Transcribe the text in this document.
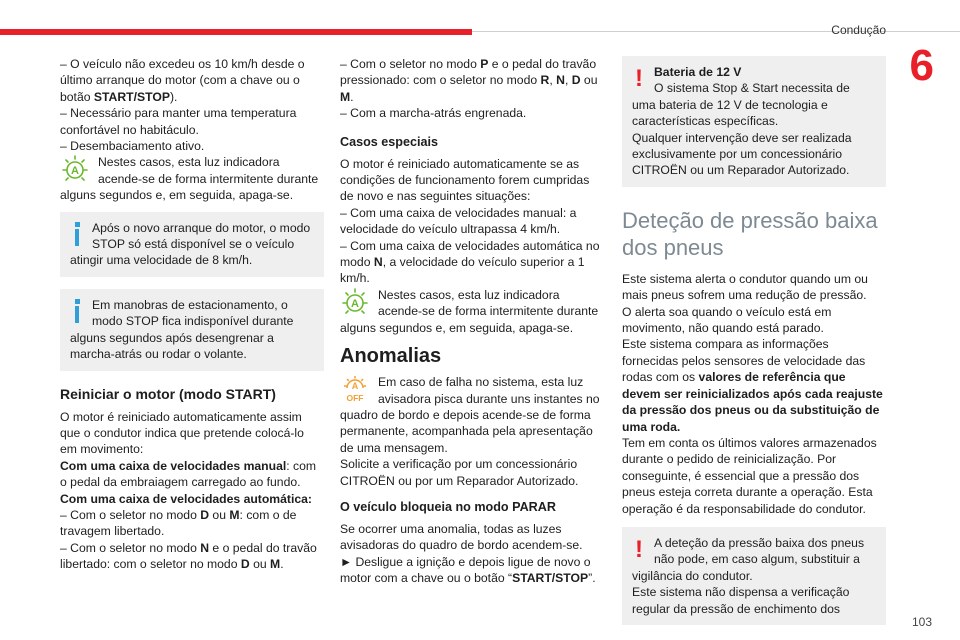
Condução
6
103

– O veículo não excedeu os 10 km/h desde o último arranque do motor (com a chave ou o botão START/STOP).

– Necessário para manter uma temperatura confortável no habitáculo.

– Desembaciamento ativo.

A

Nestes casos, esta luz indicadora acende-se de forma intermitente durante alguns segundos e, em seguida, apaga-se.

Após o novo arranque do motor, o modo STOP só está disponível se o veículo atingir uma velocidade de 8 km/h.

Em manobras de estacionamento, o modo STOP fica indisponível durante alguns segundos após desengrenar a marcha-atrás ou rodar o volante.

Reiniciar o motor (modo START)

O motor é reiniciado automaticamente assim que o condutor indica que pretende colocá-lo em movimento:

Com uma caixa de velocidades manual: com o pedal da embraiagem carregado ao fundo.

Com uma caixa de velocidades automática:

– Com o seletor no modo D ou M: com o de travagem libertado.

– Com o seletor no modo N e o pedal do travão libertado: com o seletor no modo D ou M.

– Com o seletor no modo P e o pedal do travão pressionado: com o seletor no modo R, N, D ou M.

– Com a marcha-atrás engrenada.

Casos especiais

O motor é reiniciado automaticamente se as condições de funcionamento forem cumpridas de novo e nas seguintes situações:

– Com uma caixa de velocidades manual: a velocidade do veículo ultrapassa 4 km/h.

– Com uma caixa de velocidades automática no modo N, a velocidade do veículo superior a 1 km/h.

A

Nestes casos, esta luz indicadora acende-se de forma intermitente durante alguns segundos e, em seguida, apaga-se.

Anomalias
A
OFF

Em caso de falha no sistema, esta luz avisadora pisca durante uns instantes no quadro de bordo e depois acende-se de forma permanente, acompanhada pela apresentação de uma mensagem.

Solicite a verificação por um concessionário CITROËN ou por um Reparador Autorizado.

O veículo bloqueia no modo PARAR

Se ocorrer uma anomalia, todas as luzes avisadoras do quadro de bordo acendem-se.

► Desligue a ignição e depois ligue de novo o motor com a chave ou o botão “START/STOP”.

! Bateria de 12 V

O sistema Stop & Start necessita de uma bateria de 12 V de tecnologia e características específicas.

Qualquer intervenção deve ser realizada exclusivamente por um concessionário CITROËN ou um Reparador Autorizado.

Deteção de pressão baixa dos pneus

Este sistema alerta o condutor quando um ou mais pneus sofrem uma redução de pressão.

O alerta soa quando o veículo está em movimento, não quando está parado.

Este sistema compara as informações fornecidas pelos sensores de velocidade das rodas com os valores de referência que devem ser reinicializados após cada reajuste da pressão dos pneus ou da substituição de uma roda.

Tem em conta os últimos valores armazenados durante o pedido de reinicialização. Por conseguinte, é essencial que a pressão dos pneus esteja correta durante a operação. Esta operação é da responsabilidade do condutor.

! A deteção da pressão baixa dos pneus não pode, em caso algum, substituir a vigilância do condutor.

Este sistema não dispensa a verificação regular da pressão de enchimento dos
